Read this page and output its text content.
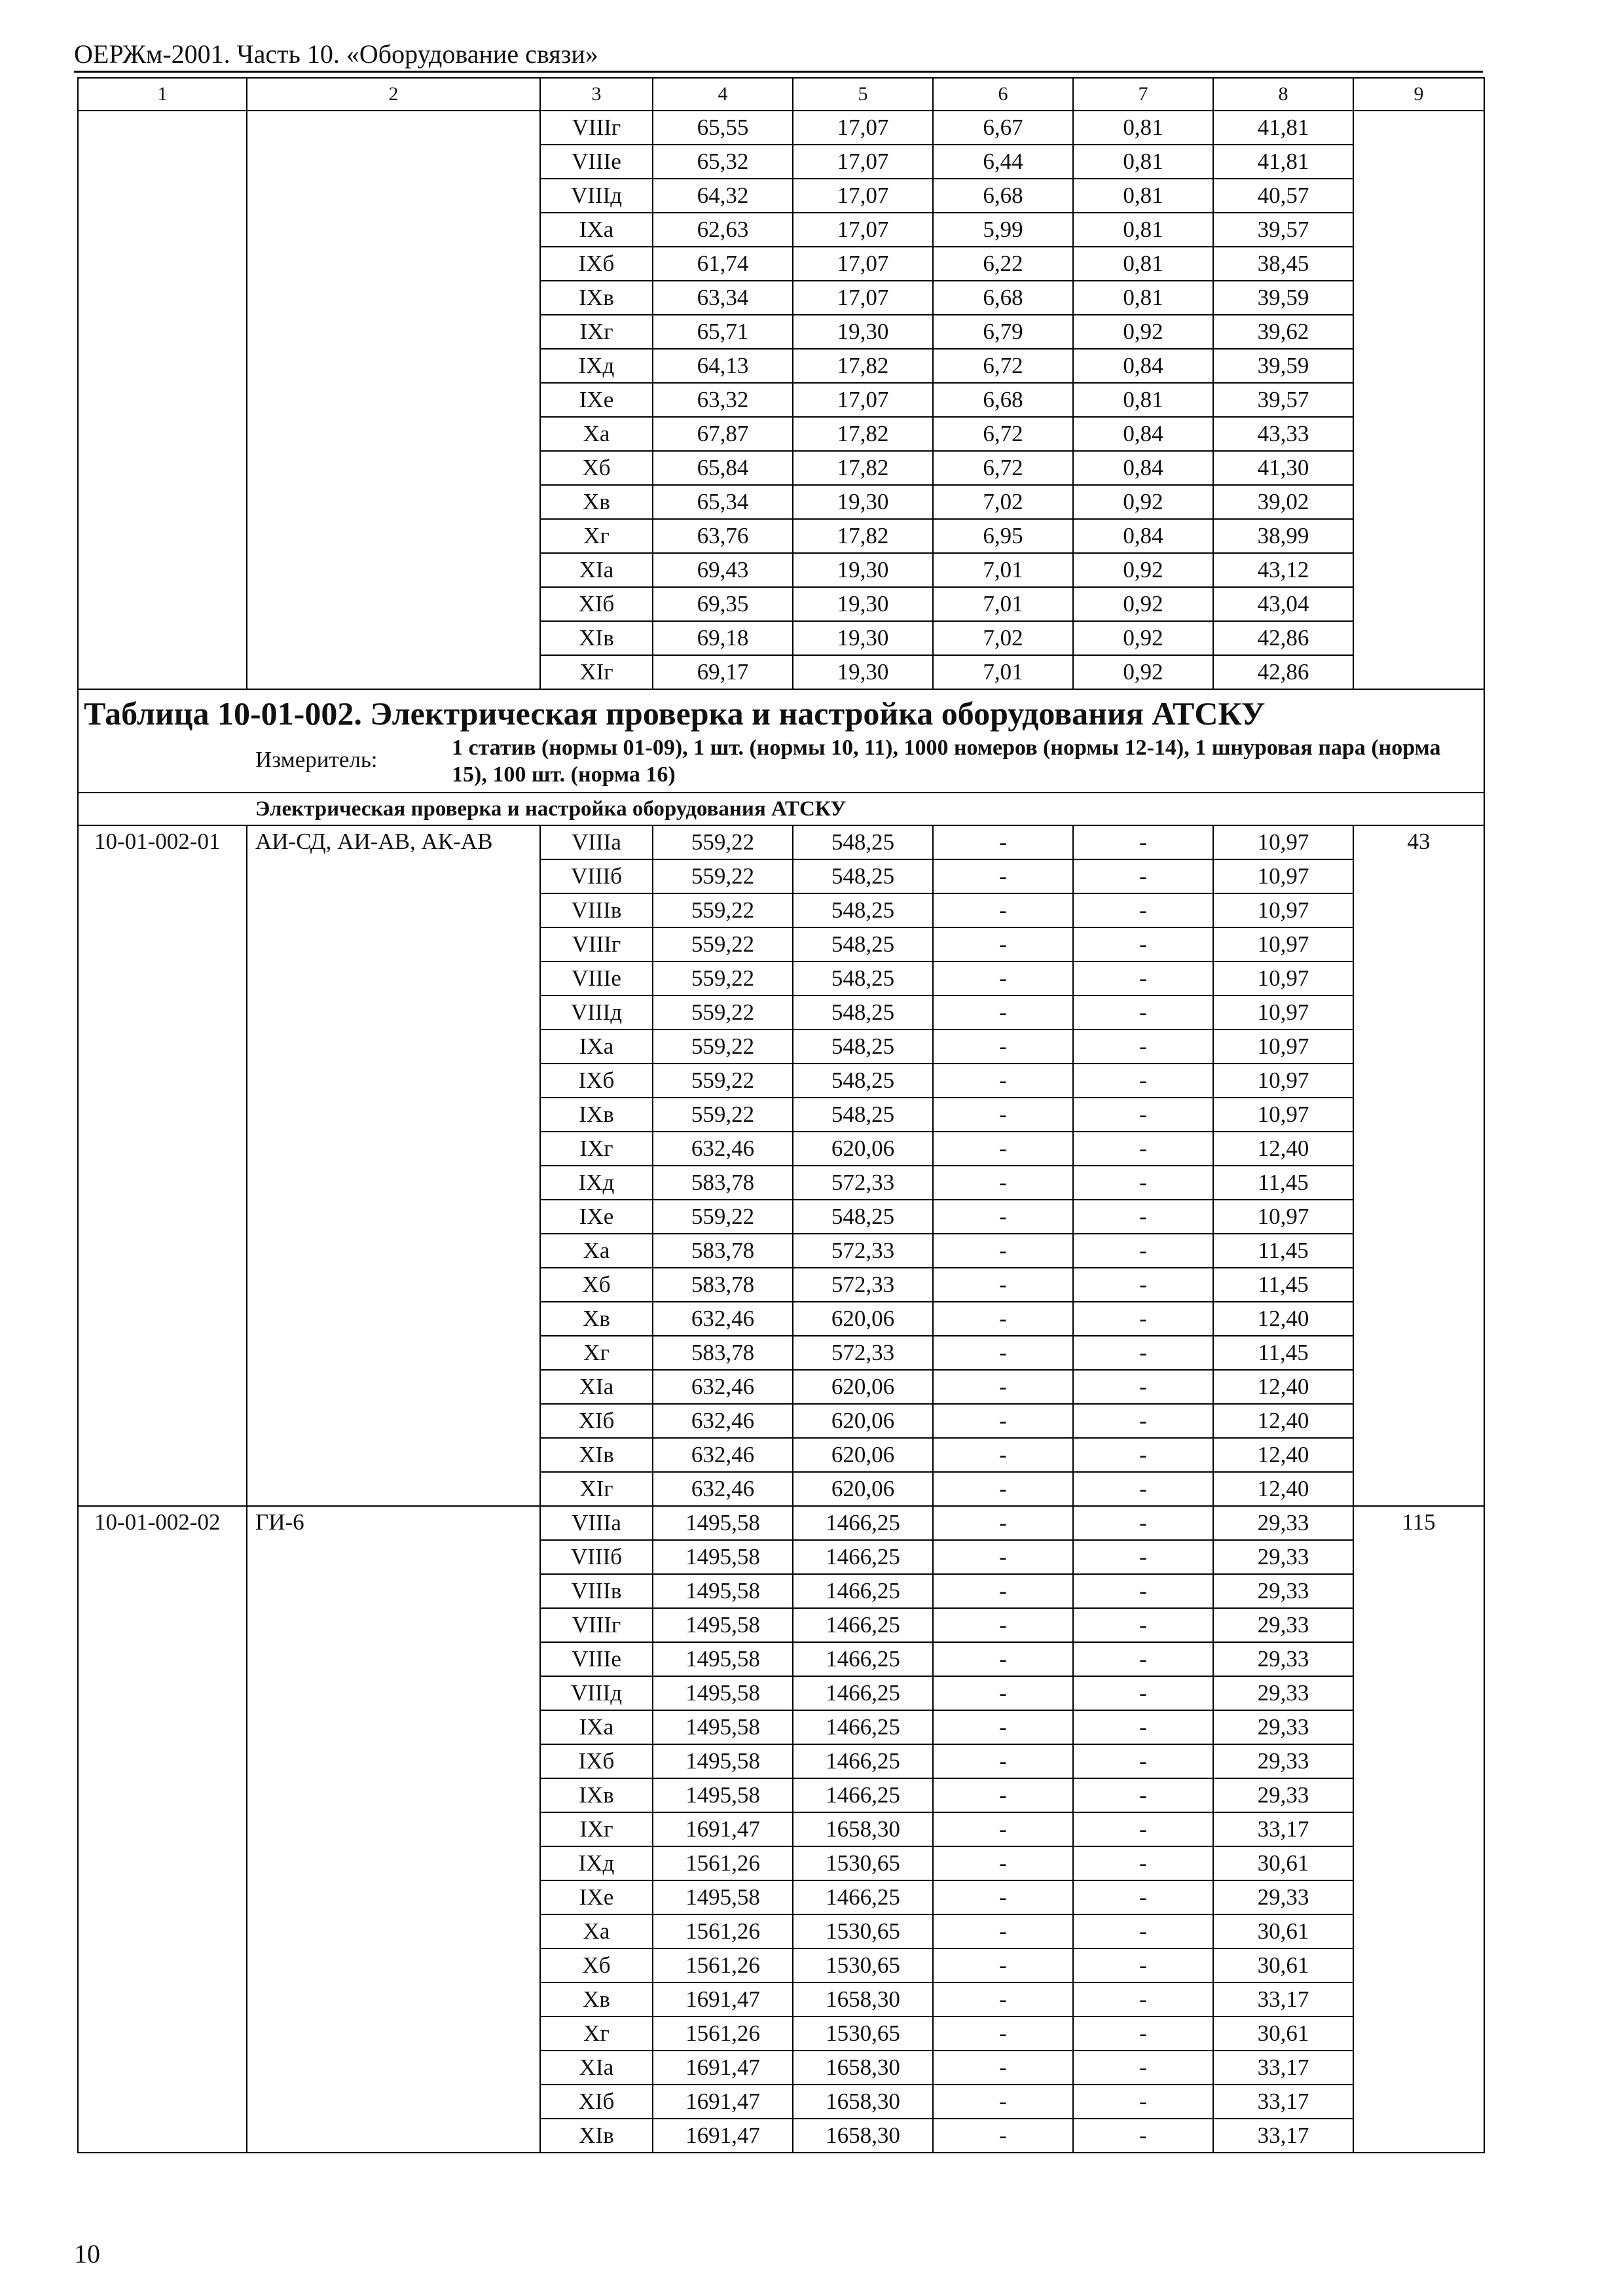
ОЕРЖм-2001. Часть 10. «Оборудование связи»
1	2	3	4	5	6	7	8	9
		VIIIг	65,55	17,07	6,67	0,81	41,81	
		VIIIе	65,32	17,07	6,44	0,81	41,81	
		VIIIд	64,32	17,07	6,68	0,81	40,57	
		IXа	62,63	17,07	5,99	0,81	39,57	
		IXб	61,74	17,07	6,22	0,81	38,45	
		IXв	63,34	17,07	6,68	0,81	39,59	
		IXг	65,71	19,30	6,79	0,92	39,62	
		IXд	64,13	17,82	6,72	0,84	39,59	
		IXе	63,32	17,07	6,68	0,81	39,57	
		Xа	67,87	17,82	6,72	0,84	43,33	
		Xб	65,84	17,82	6,72	0,84	41,30	
		Xв	65,34	19,30	7,02	0,92	39,02	
		Xг	63,76	17,82	6,95	0,84	38,99	
		XIа	69,43	19,30	7,01	0,92	43,12	
		XIб	69,35	19,30	7,01	0,92	43,04	
		XIв	69,18	19,30	7,02	0,92	42,86	
		XIг	69,17	19,30	7,01	0,92	42,86	

Таблица 10-01-002. Электрическая проверка и настройка оборудования АТСКУ
Измеритель: 1 статив (нормы 01-09), 1 шт. (нормы 10, 11), 1000 номеров (нормы 12-14), 1 шнуровая пара (норма 15), 100 шт. (норма 16)								

Электрическая проверка и настройка оборудования АТСКУ								
10-01-002-01	АИ-СД, АИ-АВ, АК-АВ	VIIIа	559,22	548,25	-	-	10,97	43
		VIIIб	559,22	548,25	-	-	10,97	
		VIIIв	559,22	548,25	-	-	10,97	
		VIIIг	559,22	548,25	-	-	10,97	
		VIIIе	559,22	548,25	-	-	10,97	
		VIIIд	559,22	548,25	-	-	10,97	
		IXа	559,22	548,25	-	-	10,97	
		IXб	559,22	548,25	-	-	10,97	
		IXв	559,22	548,25	-	-	10,97	
		IXг	632,46	620,06	-	-	12,40	
		IXд	583,78	572,33	-	-	11,45	
		IXе	559,22	548,25	-	-	10,97	
		Xа	583,78	572,33	-	-	11,45	
		Xб	583,78	572,33	-	-	11,45	
		Xв	632,46	620,06	-	-	12,40	
		Xг	583,78	572,33	-	-	11,45	
		XIа	632,46	620,06	-	-	12,40	
		XIб	632,46	620,06	-	-	12,40	
		XIв	632,46	620,06	-	-	12,40	
		XIг	632,46	620,06	-	-	12,40	
10-01-002-02	ГИ-6	VIIIа	1495,58	1466,25	-	-	29,33	115
		VIIIб	1495,58	1466,25	-	-	29,33	
		VIIIв	1495,58	1466,25	-	-	29,33	
		VIIIг	1495,58	1466,25	-	-	29,33	
		VIIIе	1495,58	1466,25	-	-	29,33	
		VIIIд	1495,58	1466,25	-	-	29,33	
		IXа	1495,58	1466,25	-	-	29,33	
		IXб	1495,58	1466,25	-	-	29,33	
		IXв	1495,58	1466,25	-	-	29,33	
		IXг	1691,47	1658,30	-	-	33,17	
		IXд	1561,26	1530,65	-	-	30,61	
		IXе	1495,58	1466,25	-	-	29,33	
		Xа	1561,26	1530,65	-	-	30,61	
		Xб	1561,26	1530,65	-	-	30,61	
		Xв	1691,47	1658,30	-	-	33,17	
		Xг	1561,26	1530,65	-	-	30,61	
		XIа	1691,47	1658,30	-	-	33,17	
		XIб	1691,47	1658,30	-	-	33,17	
		XIв	1691,47	1658,30	-	-	33,17	
10
